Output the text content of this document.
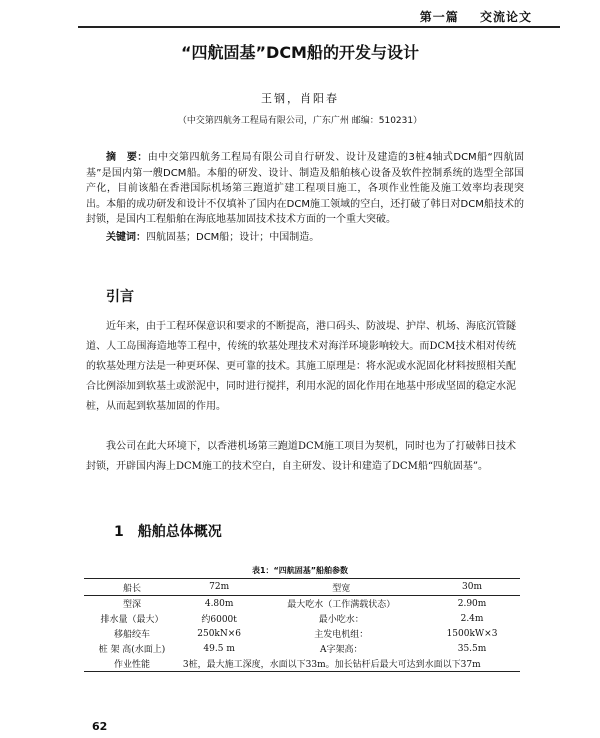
第一篇 交流论文
“四航固基”DCM船的开发与设计
王钢，肖阳春
（中交第四航务工程局有限公司，广东广州 邮编：510231）
摘　要：由中交第四航务工程局有限公司自行研发、设计及建造的3桩4轴式DCM船“四航固基”是国内第一艘DCM船。本船的研发、设计、制造及船舶核心设备及软件控制系统的选型全部国产化，目前该船在香港国际机场第三跑道扩建工程项目施工，各项作业性能及施工效率均表现突出。本船的成功研发和设计不仅填补了国内在DCM施工领域的空白，还打破了韩日对DCM船技术的封锁，是国内工程船舶在海底地基加固技术技术方面的一个重大突破。
关键词：四航固基；DCM船；设计；中国制造。
引言

近年来，由于工程环保意识和要求的不断提高，港口码头、防波堤、护岸、机场、海底沉管隧道、人工岛围海造地等工程中，传统的软基处理技术对海洋环境影响较大。而DCM技术相对传统的软基处理方法是一种更环保、更可靠的技术。其施工原理是：将水泥或水泥固化材料按照相关配合比例添加到软基土或淤泥中，同时进行搅拌，利用水泥的固化作用在地基中形成坚固的稳定水泥桩，从而起到软基加固的作用。

我公司在此大环境下，以香港机场第三跑道DCM施工项目为契机，同时也为了打破韩日技术封锁，开辟国内海上DCM施工的技术空白，自主研发、设计和建造了DCM船“四航固基”。

1　船舶总体概况
表1：“四航固基”船舶参数
船长	72m	型宽	30m
型深	4.80m	最大吃水（工作满载状态）	2.90m
排水量（最大）	约6000t	最小吃水：	2.4m
移船绞车	250kN×6	主发电机组：	1500kW×3
桩 架 高(水面上)	49.5 m	A字架高：	35.5m
作业性能	3桩，最大施工深度，水面以下33m。加长钻杆后最大可达到水面以下37m		
62
